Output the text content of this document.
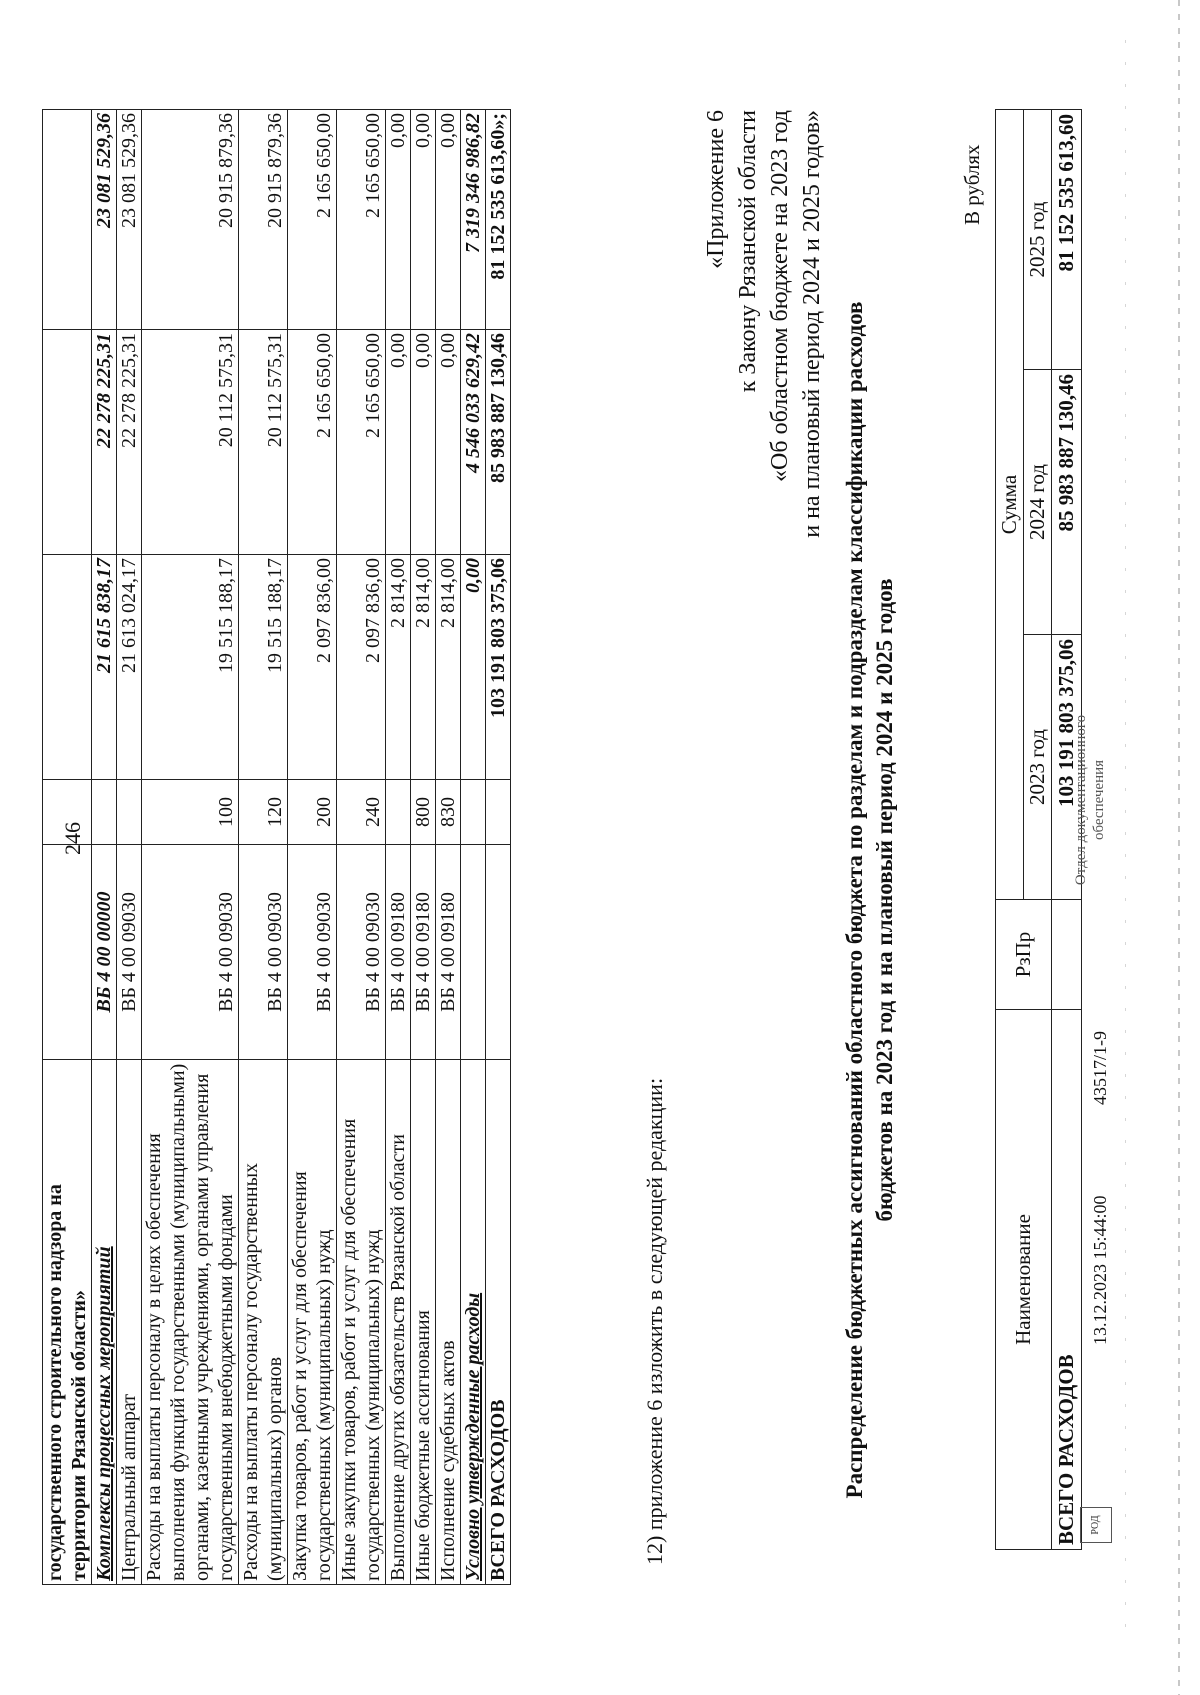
246
государственного строительного надзора на					
территории Рязанской области»					
Комплексы процессных мероприятий	ВБ 4 00 00000		21 615 838,17	22 278 225,31	23 081 529,36
Центральный аппарат	ВБ 4 00 09030		21 613 024,17	22 278 225,31	23 081 529,36
Расходы на выплаты персоналу в целях обеспечения выполнения функций государственными (муниципальными) органами, казенными учреждениями, органами управления государственными внебюджетными фондами	ВБ 4 00 09030	100	19 515 188,17	20 112 575,31	20 915 879,36
Расходы на выплаты персоналу государственных (муниципальных) органов	ВБ 4 00 09030	120	19 515 188,17	20 112 575,31	20 915 879,36
Закупка товаров, работ и услуг для обеспечения государственных (муниципальных) нужд	ВБ 4 00 09030	200	2 097 836,00	2 165 650,00	2 165 650,00
Иные закупки товаров, работ и услуг для обеспечения государственных (муниципальных) нужд	ВБ 4 00 09030	240	2 097 836,00	2 165 650,00	2 165 650,00
Выполнение других обязательств Рязанской области	ВБ 4 00 09180		2 814,00	0,00	0,00
Иные бюджетные ассигнования	ВБ 4 00 09180	800	2 814,00	0,00	0,00
Исполнение судебных актов	ВБ 4 00 09180	830	2 814,00	0,00	0,00
Условно утвержденные расходы			0,00	4 546 033 629,42	7 319 346 986,82
ВСЕГО РАСХОДОВ			103 191 803 375,06	85 983 887 130,46	81 152 535 613,60»;
12) приложение 6 изложить в следующей редакции:
«Приложение 6 к Закону Рязанской области «Об областном бюджете на 2023 год и на плановый период 2024 и 2025 годов» Распределение бюджетных ассигнований областного бюджета по разделам и подразделам классификации расходов бюджетов на 2023 год и на плановый период 2024 и 2025 годов
В рублях
Наименование	РзПр	Сумма		
		2023 год	2024 год	2025 год
ВСЕГО РАСХОДОВ		103 191 803 375,06	85 983 887 130,46	81 152 535 613,60
РОД
13.12.2023 15:44:00
43517/1-9
Отдел документационного обеспечения
